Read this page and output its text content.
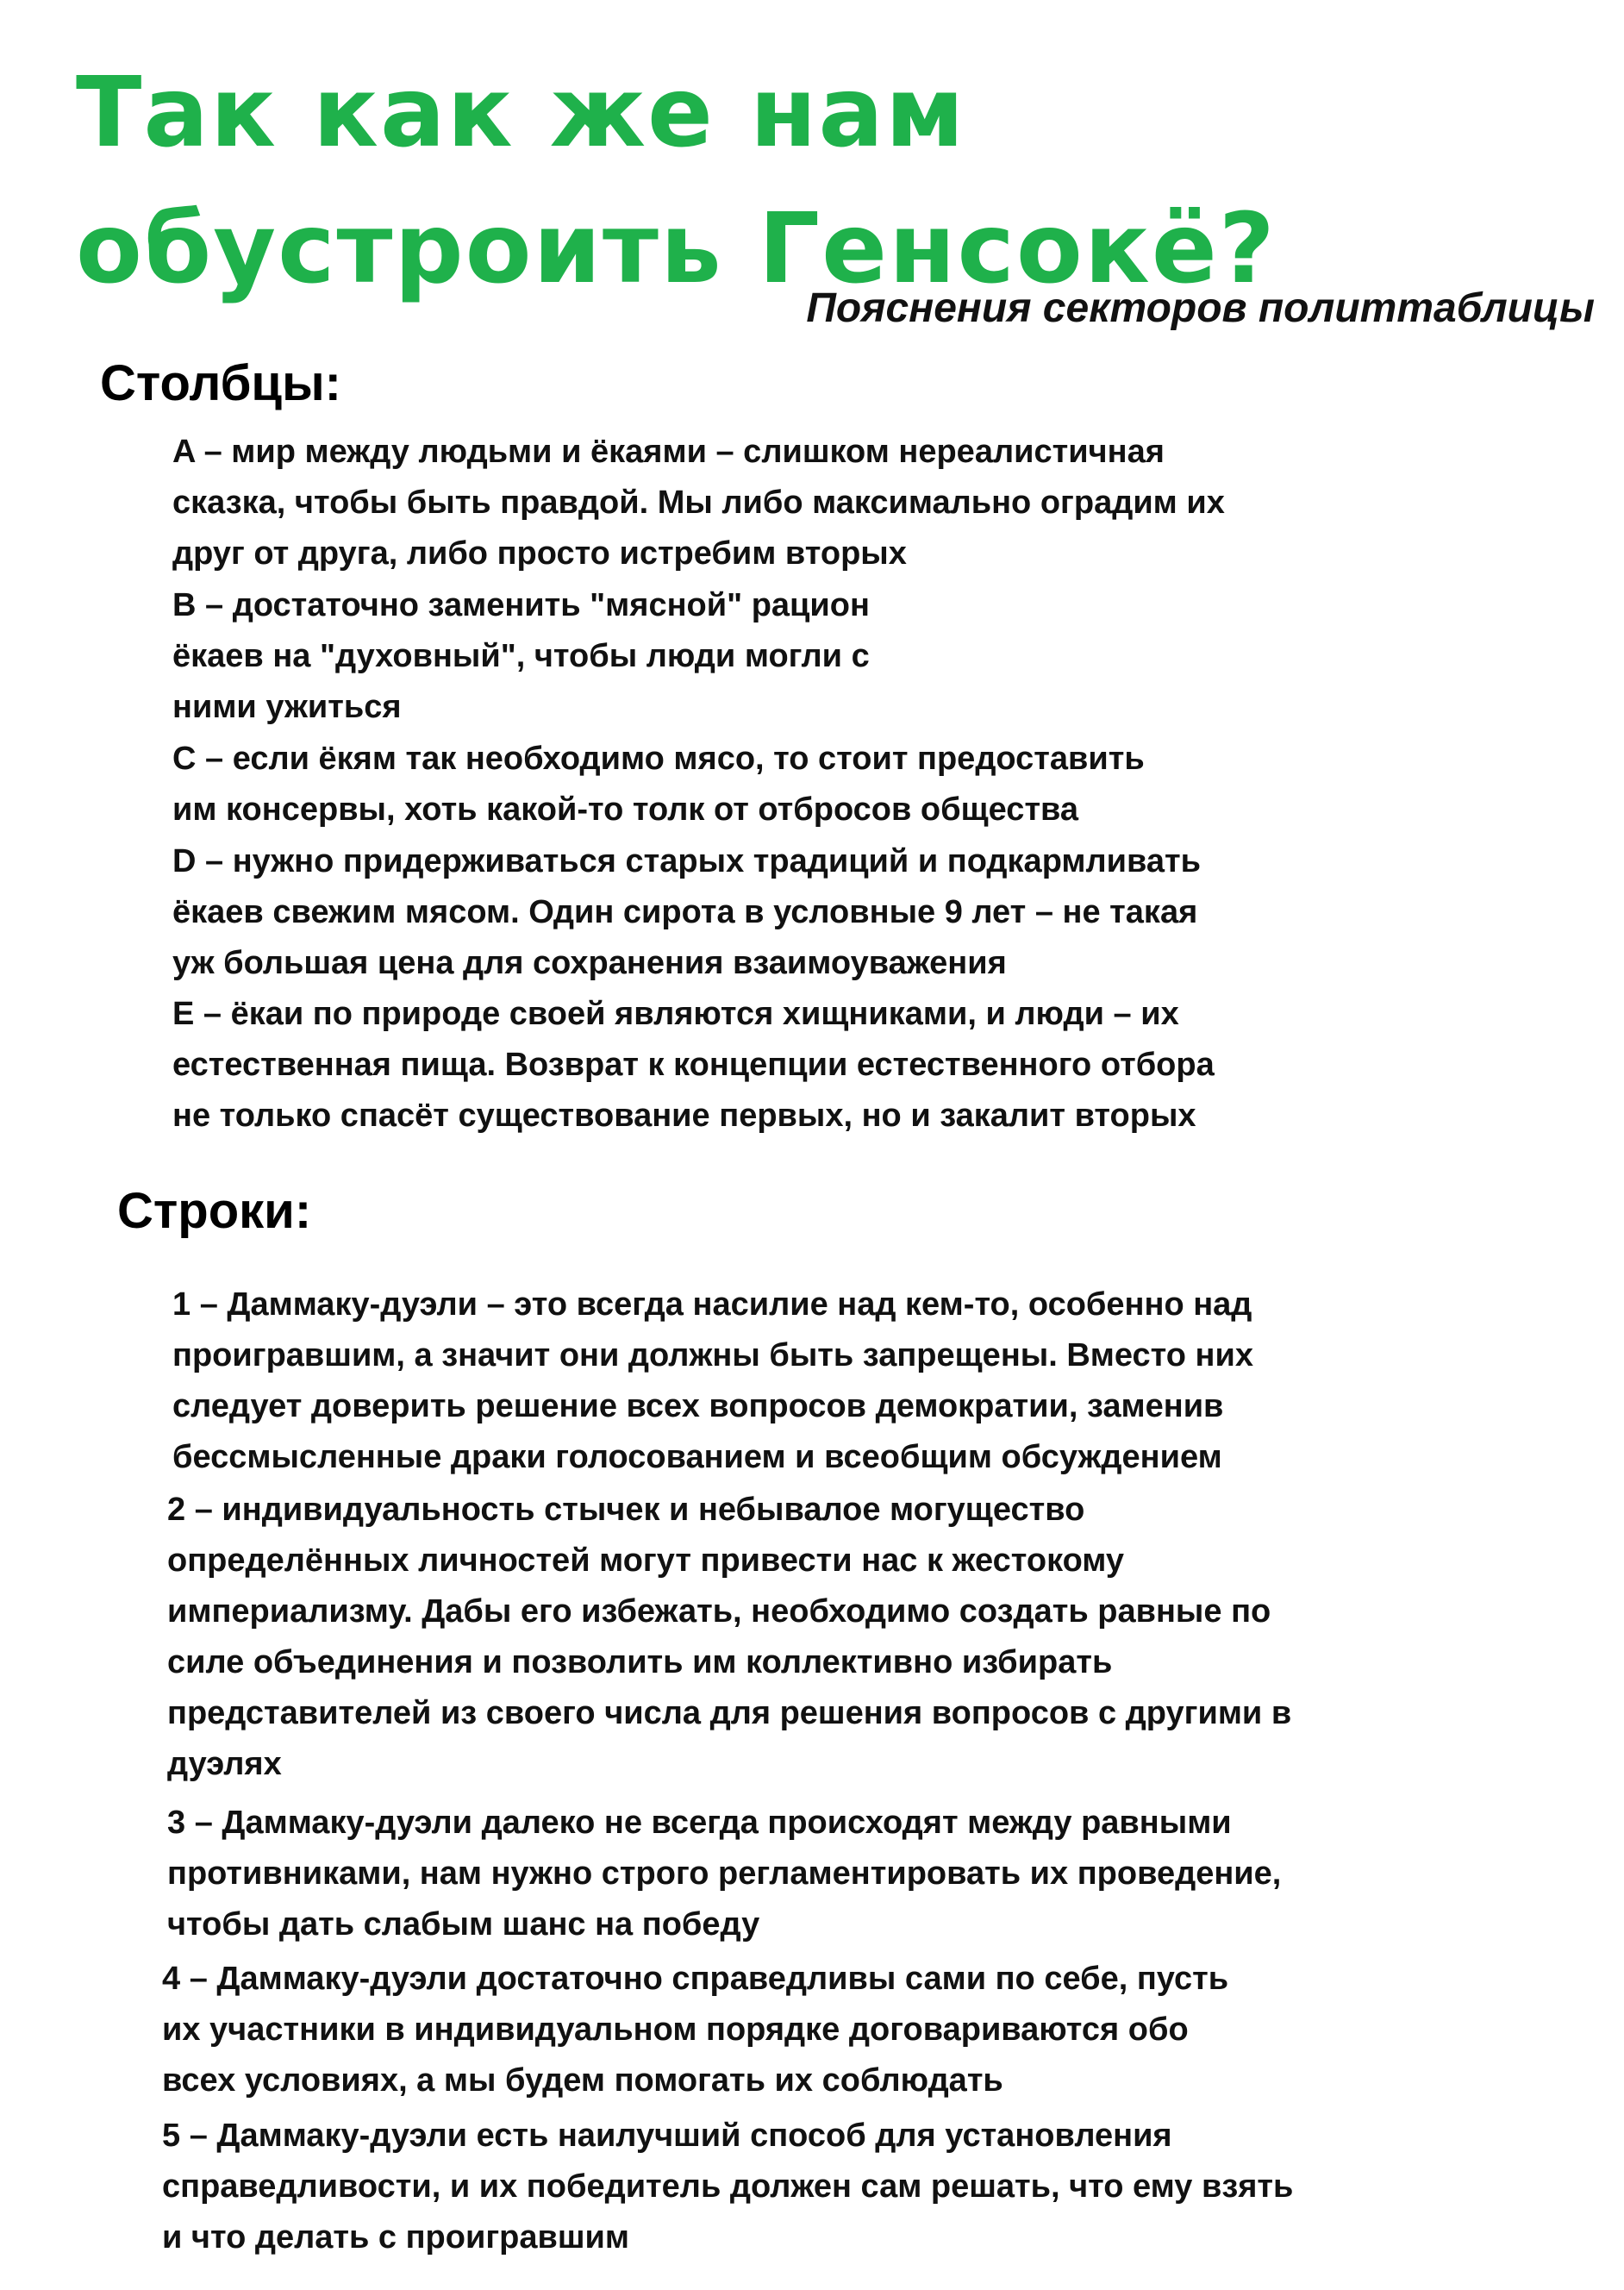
Так как же нам обустроить Генсокё?
Пояснения секторов политтаблицы
Столбцы:

A – мир между людьми и ёкаями – слишком нереалистичная
сказка, чтобы быть правдой. Мы либо максимально оградим их
друг от друга, либо просто истребим вторых

B – достаточно заменить "мясной" рацион
ёкаев на "духовный", чтобы люди могли с
ними ужиться

C – если ёкям так необходимо мясо, то стоит предоставить
им консервы, хоть какой-то толк от отбросов общества

D – нужно придерживаться старых традиций и подкармливать
ёкаев свежим мясом. Один сирота в условные 9 лет – не такая
уж большая цена для сохранения взаимоуважения

E – ёкаи по природе своей являются хищниками, и люди – их
естественная пища. Возврат к концепции естественного отбора
не только спасёт существование первых, но и закалит вторых

Строки:

1 – Даммаку-дуэли – это всегда насилие над кем-то, особенно над
проигравшим, а значит они должны быть запрещены. Вместо них
следует доверить решение всех вопросов демократии, заменив
бессмысленные драки голосованием и всеобщим обсуждением

2 – индивидуальность стычек и небывалое могущество
определённых личностей могут привести нас к жестокому
империализму. Дабы его избежать, необходимо создать равные по
силе объединения и позволить им коллективно избирать
представителей из своего числа для решения вопросов с другими в
дуэлях

3 – Даммаку-дуэли далеко не всегда происходят между равными
противниками, нам нужно строго регламентировать их проведение,
чтобы дать слабым шанс на победу

4 – Даммаку-дуэли достаточно справедливы сами по себе, пусть
их участники в индивидуальном порядке договариваются обо
всех условиях, а мы будем помогать их соблюдать

5 – Даммаку-дуэли есть наилучший способ для установления
справедливости, и их победитель должен сам решать, что ему взять
и что делать с проигравшим
